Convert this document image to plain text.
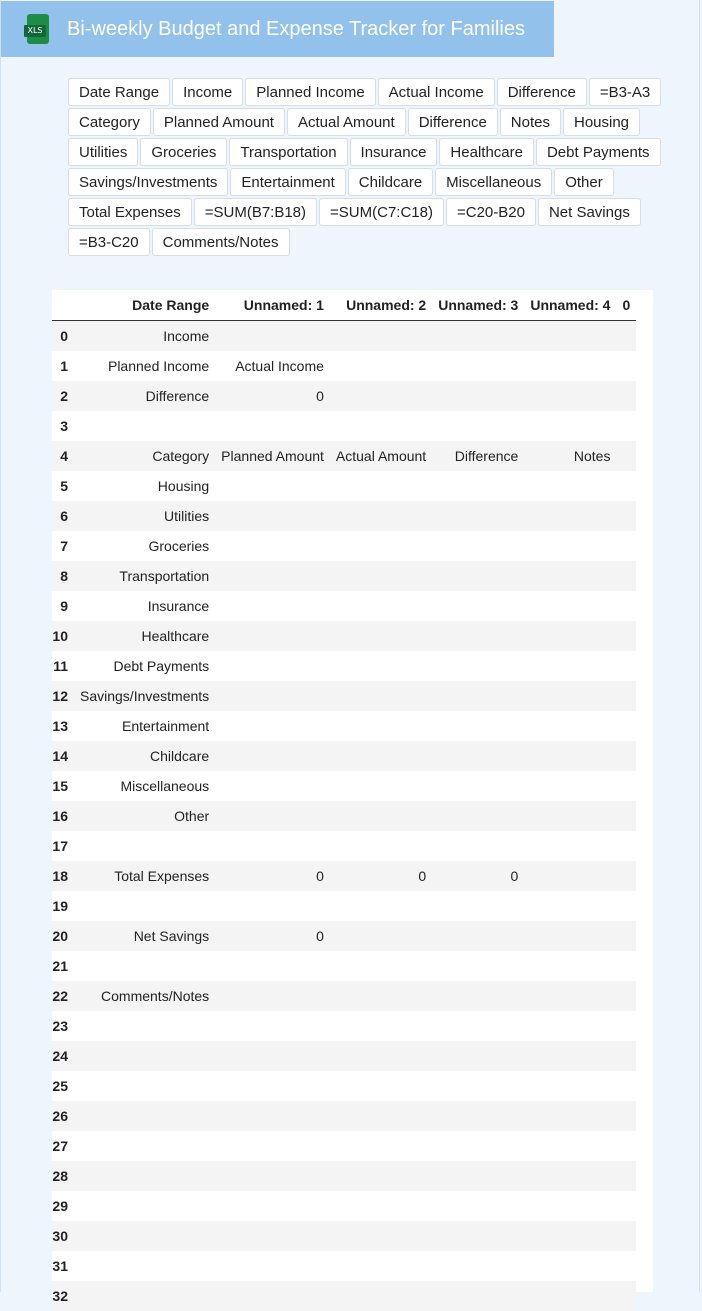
XLS Bi-weekly Budget and Expense Tracker for Families
Date Range	Income	Planned Income	Actual Income	Difference	=B3-A3
Category	Planned Amount	Actual Amount	Difference	Notes	Housing
Utilities	Groceries	Transportation	Insurance	Healthcare	Debt Payments
Savings/Investments	Entertainment	Childcare	Miscellaneous	Other
Total Expenses	=SUM(B7:B18)	=SUM(C7:C18)	=C20-B20	Net Savings
=B3-C20	Comments/Notes
	Date Range	Unnamed: 1	Unnamed: 2	Unnamed: 3	Unnamed: 4	0
0	Income					
1	Planned Income	Actual Income				
2	Difference	0				
3						
4	Category	Planned Amount	Actual Amount	Difference	Notes	
5	Housing					
6	Utilities					
7	Groceries					
8	Transportation					
9	Insurance					
10	Healthcare					
11	Debt Payments					
12	Savings/Investments					
13	Entertainment					
14	Childcare					
15	Miscellaneous					
16	Other					
17						
18	Total Expenses	0	0	0		
19						
20	Net Savings	0				
21						
22	Comments/Notes					
23						
24						
25						
26						
27						
28						
29						
30						
31						
32						
